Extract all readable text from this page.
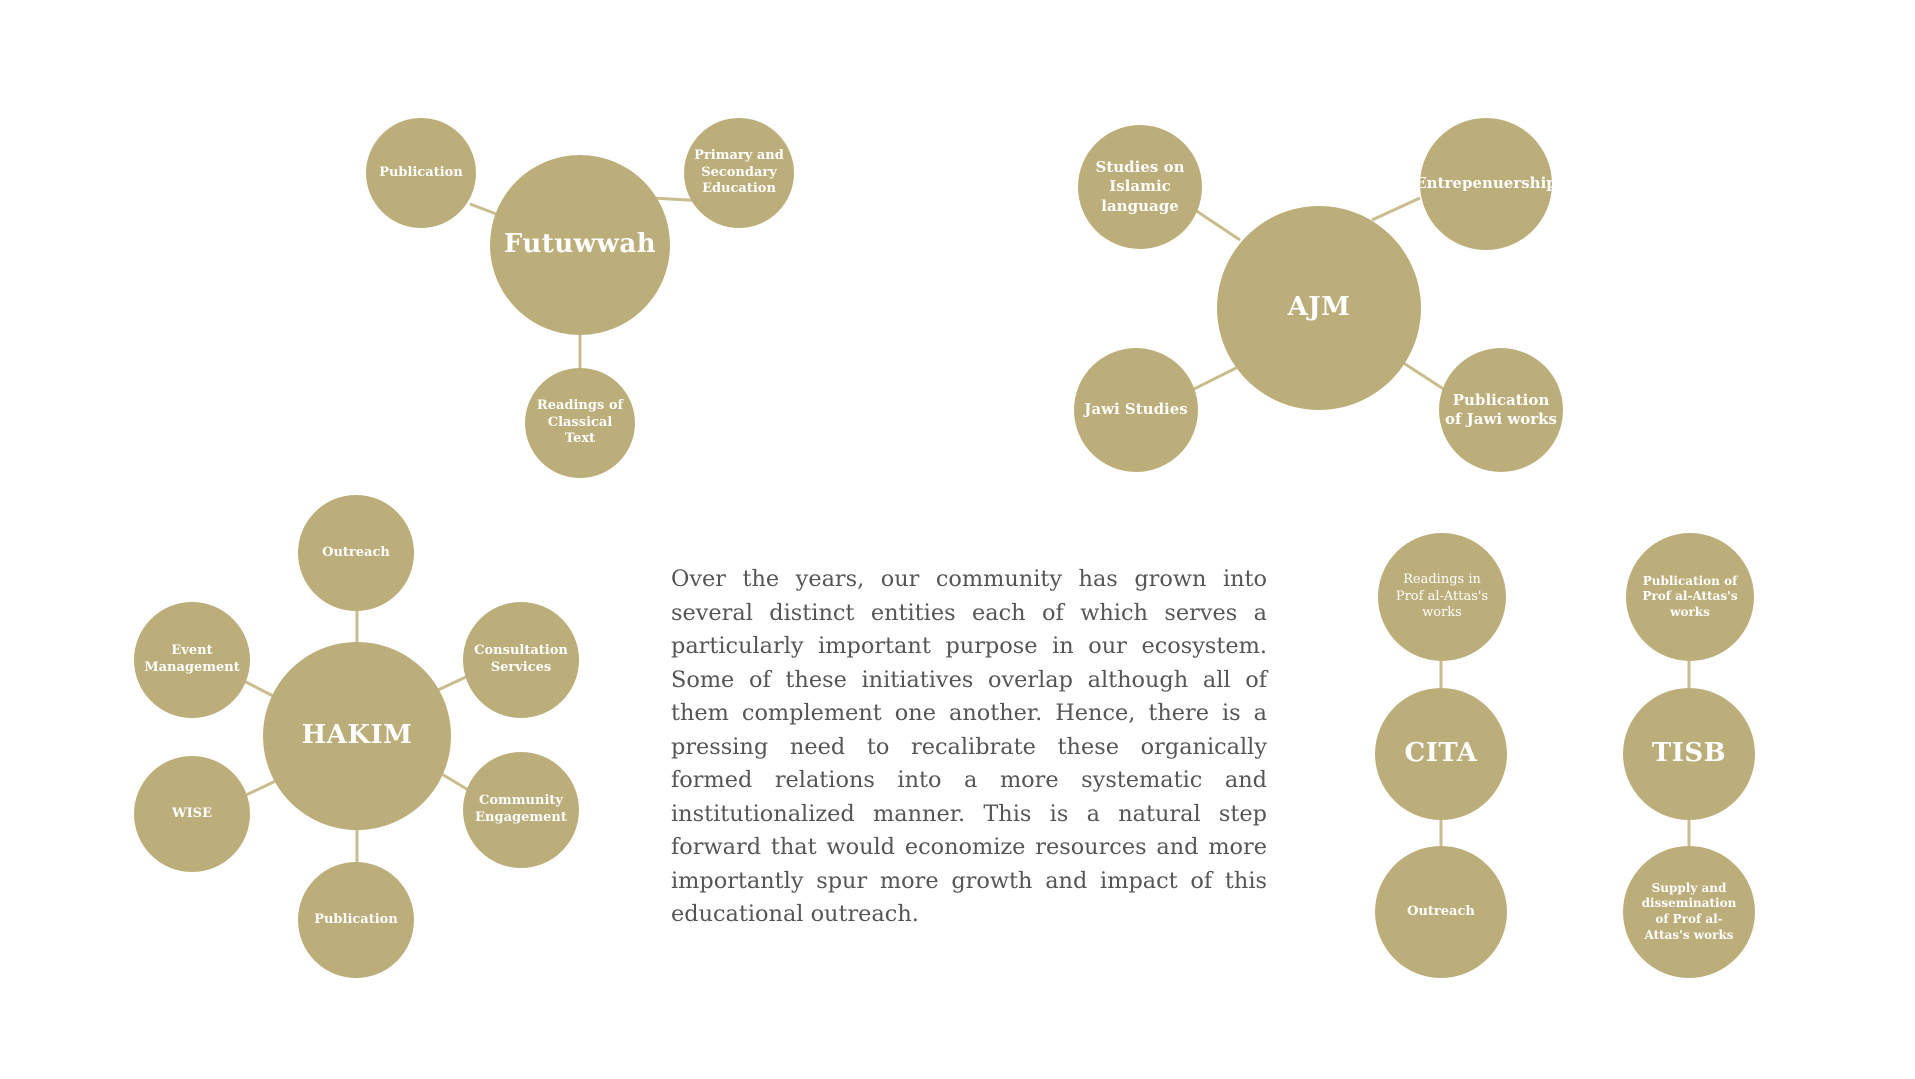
Futuwwah
Publication
Primary and Secondary Education
Readings of Classical Text
AJM
Studies on Islamic language
Entrepenuership
Jawi Studies
Publication of Jawi works
HAKIM
Outreach
Event Management
Consultation Services
WISE
Community Engagement
Publication
CITA
Readings in Prof al-Attas's works
Outreach
TISB
Publication of Prof al-Attas's works
Supply and dissemination of Prof al-Attas's works

Over the years, our community has grown into several distinct entities each of which serves a particularly important purpose in our ecosystem. Some of these initiatives overlap although all of them complement one another. Hence, there is a pressing need to recalibrate these organically formed relations into a more systematic and institutionalized manner. This is a natural step forward that would economize resources and more importantly spur more growth and impact of this educational outreach.
